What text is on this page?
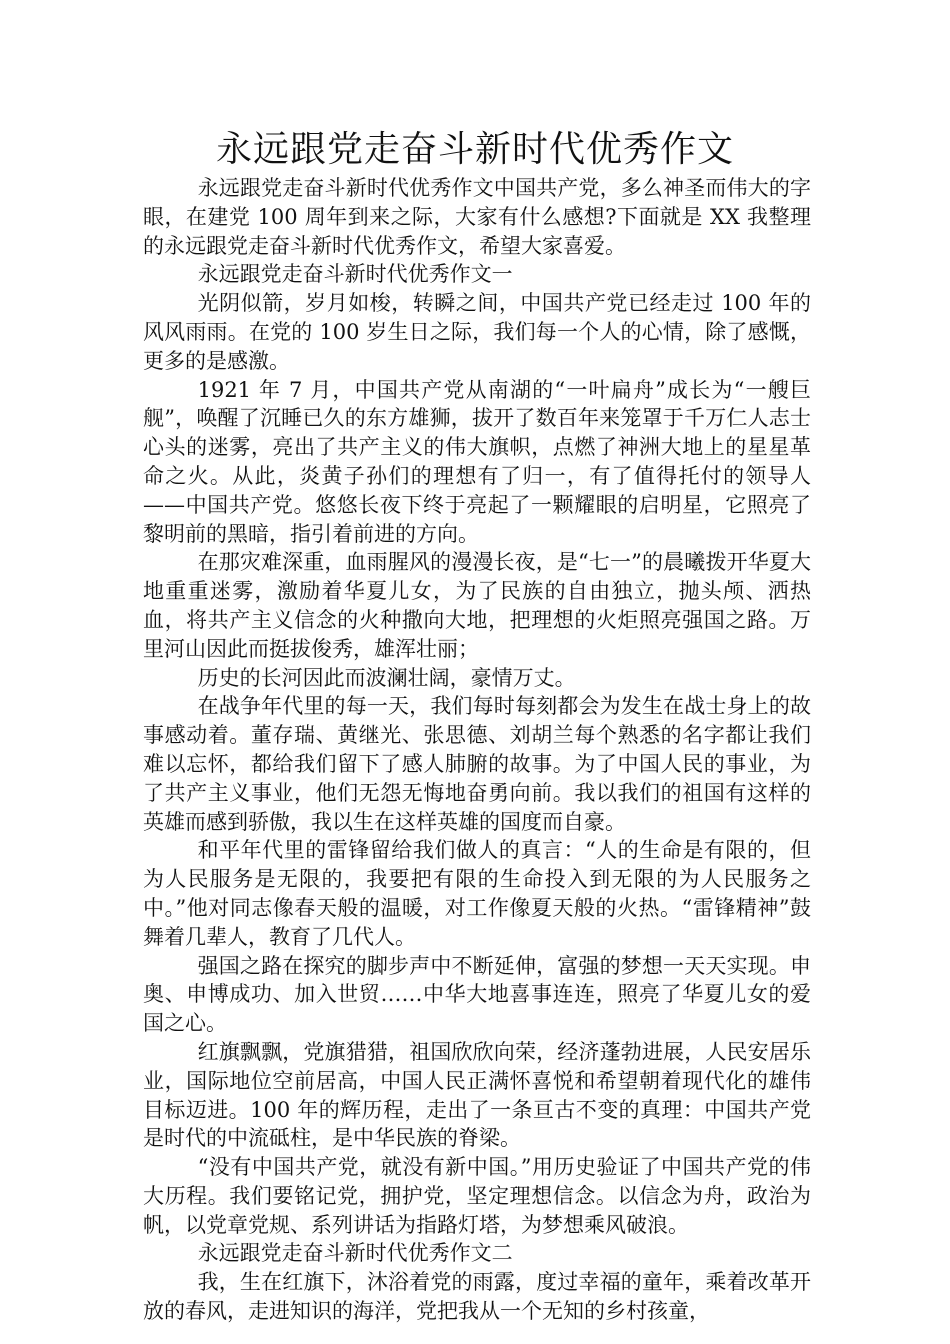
永远跟党走奋斗新时代优秀作文

永远跟党走奋斗新时代优秀作文中国共产党，多么神圣而伟大的字眼，在建党 100 周年到来之际，大家有什么感想?下面就是 XX 我整理的永远跟党走奋斗新时代优秀作文，希望大家喜爱。

永远跟党走奋斗新时代优秀作文一

光阴似箭，岁月如梭，转瞬之间，中国共产党已经走过 100 年的风风雨雨。在党的 100 岁生日之际，我们每一个人的心情，除了感慨，更多的是感激。

1921 年 7 月，中国共产党从南湖的“一叶扁舟”成长为“一艘巨舰”，唤醒了沉睡已久的东方雄狮，拔开了数百年来笼罩于千万仁人志士心头的迷雾，亮出了共产主义的伟大旗帜，点燃了神洲大地上的星星革命之火。从此，炎黄子孙们的理想有了归一，有了值得托付的领导人——中国共产党。悠悠长夜下终于亮起了一颗耀眼的启明星，它照亮了黎明前的黑暗，指引着前进的方向。

在那灾难深重，血雨腥风的漫漫长夜，是“七一”的晨曦拨开华夏大地重重迷雾，激励着华夏儿女，为了民族的自由独立，抛头颅、洒热血，将共产主义信念的火种撒向大地，把理想的火炬照亮强国之路。万里河山因此而挺拔俊秀，雄浑壮丽；

历史的长河因此而波澜壮阔，豪情万丈。

在战争年代里的每一天，我们每时每刻都会为发生在战士身上的故事感动着。董存瑞、黄继光、张思德、刘胡兰每个熟悉的名字都让我们难以忘怀，都给我们留下了感人肺腑的故事。为了中国人民的事业，为了共产主义事业，他们无怨无悔地奋勇向前。我以我们的祖国有这样的英雄而感到骄傲，我以生在这样英雄的国度而自豪。

和平年代里的雷锋留给我们做人的真言：“人的生命是有限的，但为人民服务是无限的，我要把有限的生命投入到无限的为人民服务之中。”他对同志像春天般的温暖，对工作像夏天般的火热。“雷锋精神”鼓舞着几辈人，教育了几代人。

强国之路在探究的脚步声中不断延伸，富强的梦想一天天实现。申奥、申博成功、加入世贸……中华大地喜事连连，照亮了华夏儿女的爱国之心。

红旗飘飘，党旗猎猎，祖国欣欣向荣，经济蓬勃进展，人民安居乐业，国际地位空前居高，中国人民正满怀喜悦和希望朝着现代化的雄伟目标迈进。100 年的辉历程，走出了一条亘古不变的真理：中国共产党是时代的中流砥柱，是中华民族的脊梁。

“没有中国共产党，就没有新中国。”用历史验证了中国共产党的伟大历程。我们要铭记党，拥护党，坚定理想信念。以信念为舟，政治为帆，以党章党规、系列讲话为指路灯塔，为梦想乘风破浪。

永远跟党走奋斗新时代优秀作文二

我，生在红旗下，沐浴着党的雨露，度过幸福的童年，乘着改革开放的春风，走进知识的海洋，党把我从一个无知的乡村孩童，
